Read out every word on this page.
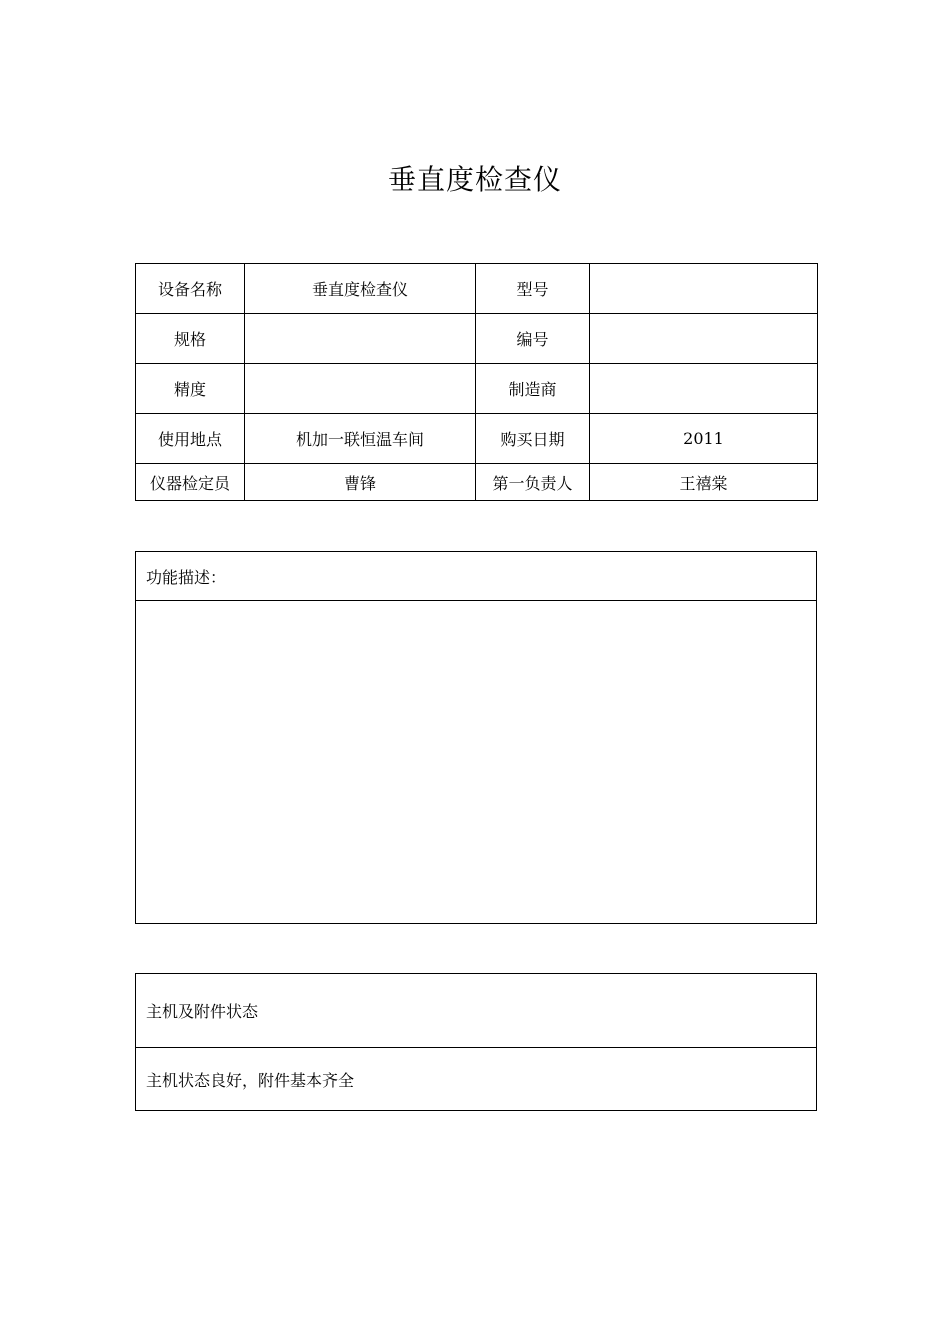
垂直度检查仪
设备名称	垂直度检查仪	型号	
规格		编号	
精度		制造商	
使用地点	机加一联恒温车间	购买日期	2011
仪器检定员	曹锋	第一负责人	王禧棠
功能描述：

主机及附件状态
主机状态良好，附件基本齐全
